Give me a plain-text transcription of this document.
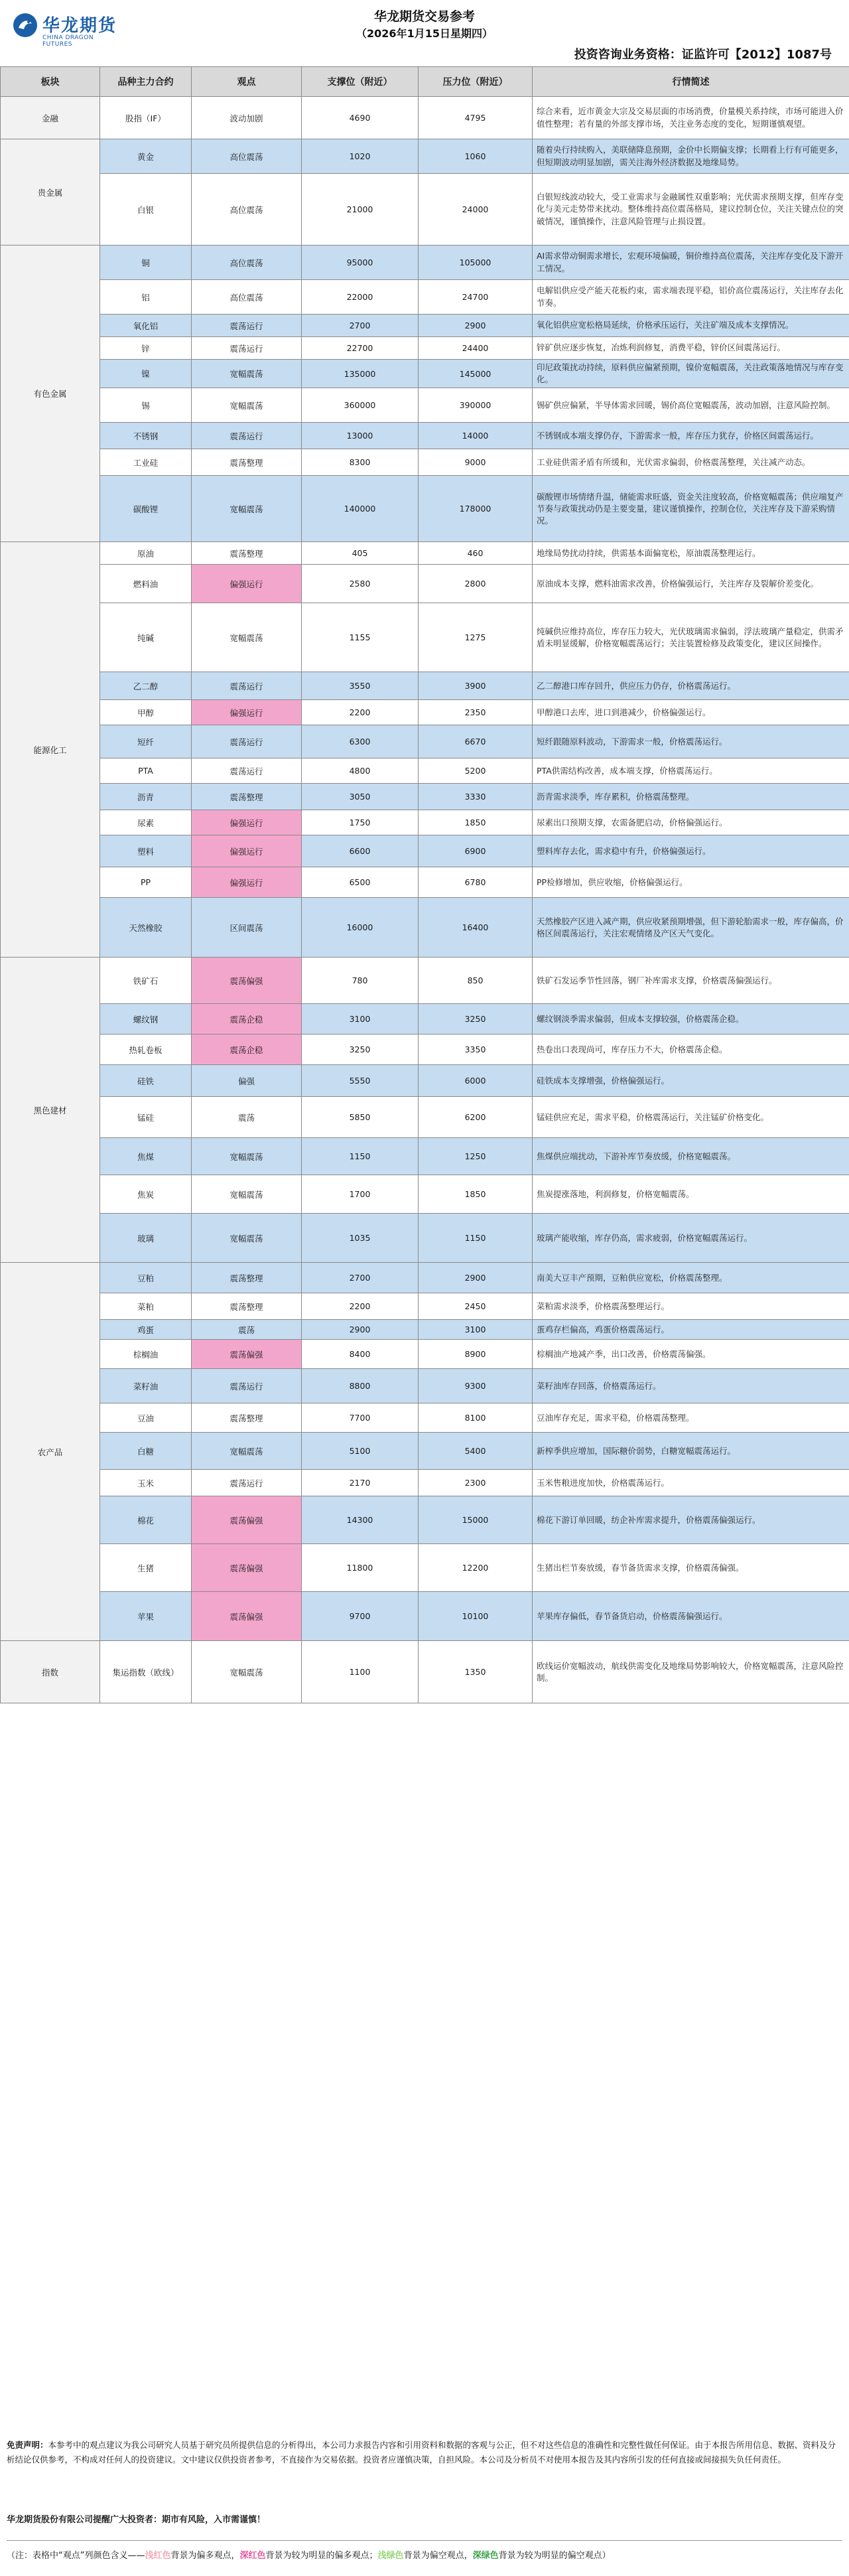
华龙期货
CHINA DRAGON FUTURES
华龙期货交易参考
（2026年1月15日星期四）
投资咨询业务资格：证监许可【2012】1087号
板块	品种主力合约	观点	支撑位（附近）	压力位（附近）	行情简述
金融	股指（IF）	波动加剧	4690	4795	综合来看，近市黄金大宗及交易层面的市场消费，价量模关系持续，市场可能进入价值性整理；若有量的外部支撑市场，关注业务态度的变化，短期谨慎观望。
贵金属	黄金	高位震荡	1020	1060	随着央行持续购入，美联储降息预期，金价中长期偏支撑；长期看上行有可能更多，但短期波动明显加剧，需关注海外经济数据及地缘局势。
	白银	高位震荡	21000	24000	白银短线波动较大，受工业需求与金融属性双重影响；光伏需求预期支撑，但库存变化与美元走势带来扰动。整体维持高位震荡格局，建议控制仓位，关注关键点位的突破情况，谨慎操作，注意风险管理与止损设置。
有色金属	铜	高位震荡	95000	105000	AI需求带动铜需求增长，宏观环境偏暖，铜价维持高位震荡，关注库存变化及下游开工情况。
	铝	高位震荡	22000	24700	电解铝供应受产能天花板约束，需求端表现平稳，铝价高位震荡运行，关注库存去化节奏。
	氧化铝	震荡运行	2700	2900	氧化铝供应宽松格局延续，价格承压运行，关注矿端及成本支撑情况。
	锌	震荡运行	22700	24400	锌矿供应逐步恢复，冶炼利润修复，消费平稳，锌价区间震荡运行。
	镍	宽幅震荡	135000	145000	印尼政策扰动持续，原料供应偏紧预期，镍价宽幅震荡，关注政策落地情况与库存变化。
	锡	宽幅震荡	360000	390000	锡矿供应偏紧，半导体需求回暖，锡价高位宽幅震荡，波动加剧，注意风险控制。
	不锈钢	震荡运行	13000	14000	不锈钢成本端支撑仍存，下游需求一般，库存压力犹存，价格区间震荡运行。
	工业硅	震荡整理	8300	9000	工业硅供需矛盾有所缓和，光伏需求偏弱，价格震荡整理，关注减产动态。
	碳酸锂	宽幅震荡	140000	178000	碳酸锂市场情绪升温，储能需求旺盛，资金关注度较高，价格宽幅震荡；供应端复产节奏与政策扰动仍是主要变量，建议谨慎操作，控制仓位，关注库存及下游采购情况。
能源化工	原油	震荡整理	405	460	地缘局势扰动持续，供需基本面偏宽松，原油震荡整理运行。
	燃料油	偏强运行	2580	2800	原油成本支撑，燃料油需求改善，价格偏强运行，关注库存及裂解价差变化。
	纯碱	宽幅震荡	1155	1275	纯碱供应维持高位，库存压力较大，光伏玻璃需求偏弱，浮法玻璃产量稳定，供需矛盾未明显缓解，价格宽幅震荡运行；关注装置检修及政策变化，建议区间操作。
	乙二醇	震荡运行	3550	3900	乙二醇港口库存回升，供应压力仍存，价格震荡运行。
	甲醇	偏强运行	2200	2350	甲醇港口去库，进口到港减少，价格偏强运行。
	短纤	震荡运行	6300	6670	短纤跟随原料波动，下游需求一般，价格震荡运行。
	PTA	震荡运行	4800	5200	PTA供需结构改善，成本端支撑，价格震荡运行。
	沥青	震荡整理	3050	3330	沥青需求淡季，库存累积，价格震荡整理。
	尿素	偏强运行	1750	1850	尿素出口预期支撑，农需备肥启动，价格偏强运行。
	塑料	偏强运行	6600	6900	塑料库存去化，需求稳中有升，价格偏强运行。
	PP	偏强运行	6500	6780	PP检修增加，供应收缩，价格偏强运行。
	天然橡胶	区间震荡	16000	16400	天然橡胶产区进入减产期，供应收紧预期增强，但下游轮胎需求一般，库存偏高，价格区间震荡运行，关注宏观情绪及产区天气变化。
黑色建材	铁矿石	震荡偏强	780	850	铁矿石发运季节性回落，钢厂补库需求支撑，价格震荡偏强运行。
	螺纹钢	震荡企稳	3100	3250	螺纹钢淡季需求偏弱，但成本支撑较强，价格震荡企稳。
	热轧卷板	震荡企稳	3250	3350	热卷出口表现尚可，库存压力不大，价格震荡企稳。
	硅铁	偏强	5550	6000	硅铁成本支撑增强，价格偏强运行。
	锰硅	震荡	5850	6200	锰硅供应充足，需求平稳，价格震荡运行，关注锰矿价格变化。
	焦煤	宽幅震荡	1150	1250	焦煤供应端扰动，下游补库节奏放缓，价格宽幅震荡。
	焦炭	宽幅震荡	1700	1850	焦炭提涨落地，利润修复，价格宽幅震荡。
	玻璃	宽幅震荡	1035	1150	玻璃产能收缩，库存仍高，需求疲弱，价格宽幅震荡运行。
农产品	豆粕	震荡整理	2700	2900	南美大豆丰产预期，豆粕供应宽松，价格震荡整理。
	菜粕	震荡整理	2200	2450	菜粕需求淡季，价格震荡整理运行。
	鸡蛋	震荡	2900	3100	蛋鸡存栏偏高，鸡蛋价格震荡运行。
	棕榈油	震荡偏强	8400	8900	棕榈油产地减产季，出口改善，价格震荡偏强。
	菜籽油	震荡运行	8800	9300	菜籽油库存回落，价格震荡运行。
	豆油	震荡整理	7700	8100	豆油库存充足，需求平稳，价格震荡整理。
	白糖	宽幅震荡	5100	5400	新榨季供应增加，国际糖价弱势，白糖宽幅震荡运行。
	玉米	震荡运行	2170	2300	玉米售粮进度加快，价格震荡运行。
	棉花	震荡偏强	14300	15000	棉花下游订单回暖，纺企补库需求提升，价格震荡偏强运行。
	生猪	震荡偏强	11800	12200	生猪出栏节奏放缓，春节备货需求支撑，价格震荡偏强。
	苹果	震荡偏强	9700	10100	苹果库存偏低，春节备货启动，价格震荡偏强运行。
指数	集运指数（欧线）	宽幅震荡	1100	1350	欧线运价宽幅波动，航线供需变化及地缘局势影响较大，价格宽幅震荡，注意风险控制。
免责声明：本参考中的观点建议为我公司研究人员基于研究员所提供信息的分析得出，本公司力求报告内容和引用资料和数据的客观与公正，但不对这些信息的准确性和完整性做任何保证。由于本报告所用信息、数据、资料及分析结论仅供参考，不构成对任何人的投资建议。文中建议仅供投资者参考，不直接作为交易依据。投资者应谨慎决策，自担风险。本公司及分析员不对使用本报告及其内容所引发的任何直接或间接损失负任何责任。
华龙期货股份有限公司提醒广大投资者：期市有风险，入市需谨慎！
（注：表格中“观点”列颜色含义——浅红色背景为偏多观点，深红色背景为较为明显的偏多观点；浅绿色背景为偏空观点，深绿色背景为较为明显的偏空观点）
